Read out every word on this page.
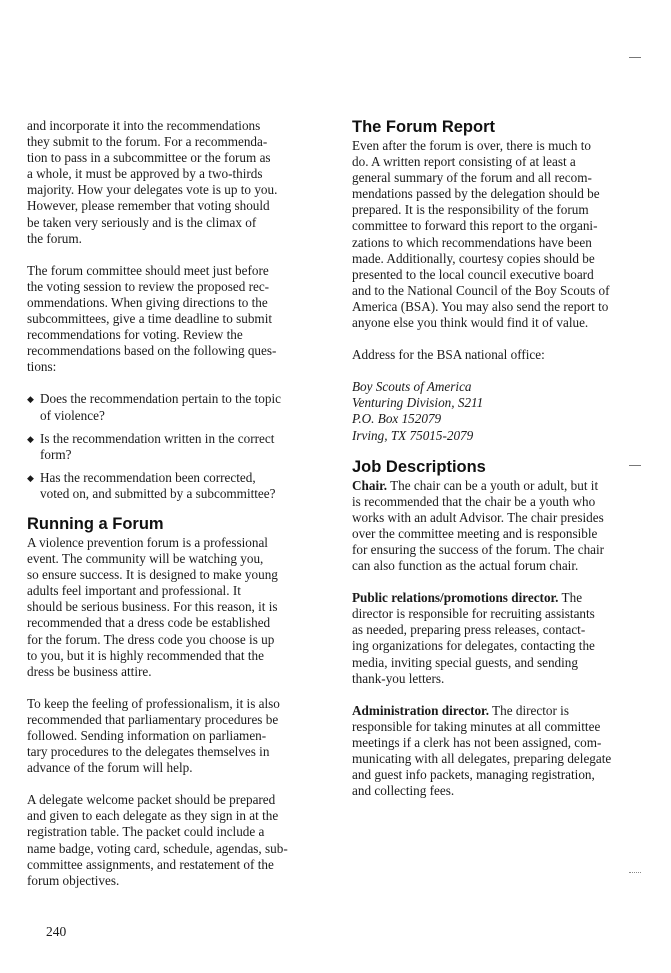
and incorporate it into the recommendations
they submit to the forum. For a recommenda-
tion to pass in a subcommittee or the forum as
a whole, it must be approved by a two-thirds
majority. How your delegates vote is up to you.
However, please remember that voting should
be taken very seriously and is the climax of
the forum.

The forum committee should meet just before
the voting session to review the proposed rec-
ommendations. When giving directions to the
subcommittees, give a time deadline to submit
recommendations for voting. Review the
recommendations based on the following ques-
tions:

◆ Does the recommendation pertain to the topic
of violence?
◆ Is the recommendation written in the correct
form?
◆ Has the recommendation been corrected,
voted on, and submitted by a subcommittee?
Running a Forum

A violence prevention forum is a professional
event. The community will be watching you,
so ensure success. It is designed to make young
adults feel important and professional. It
should be serious business. For this reason, it is
recommended that a dress code be established
for the forum. The dress code you choose is up
to you, but it is highly recommended that the
dress be business attire.

To keep the feeling of professionalism, it is also
recommended that parliamentary procedures be
followed. Sending information on parliamen-
tary procedures to the delegates themselves in
advance of the forum will help.

A delegate welcome packet should be prepared
and given to each delegate as they sign in at the
registration table. The packet could include a
name badge, voting card, schedule, agendas, sub-
committee assignments, and restatement of the
forum objectives.

The Forum Report

Even after the forum is over, there is much to
do. A written report consisting of at least a
general summary of the forum and all recom-
mendations passed by the delegation should be
prepared. It is the responsibility of the forum
committee to forward this report to the organi-
zations to which recommendations have been
made. Additionally, courtesy copies should be
presented to the local council executive board
and to the National Council of the Boy Scouts of
America (BSA). You may also send the report to
anyone else you think would find it of value.

Address for the BSA national office:

Boy Scouts of America
Venturing Division, S211
P.O. Box 152079
Irving, TX 75015-2079
Job Descriptions

Chair. The chair can be a youth or adult, but it
is recommended that the chair be a youth who
works with an adult Advisor. The chair presides
over the committee meeting and is responsible
for ensuring the success of the forum. The chair
can also function as the actual forum chair.

Public relations/promotions director. The
director is responsible for recruiting assistants
as needed, preparing press releases, contact-
ing organizations for delegates, contacting the
media, inviting special guests, and sending
thank-you letters.

Administration director. The director is
responsible for taking minutes at all committee
meetings if a clerk has not been assigned, com-
municating with all delegates, preparing delegate
and guest info packets, managing registration,
and collecting fees.

240
